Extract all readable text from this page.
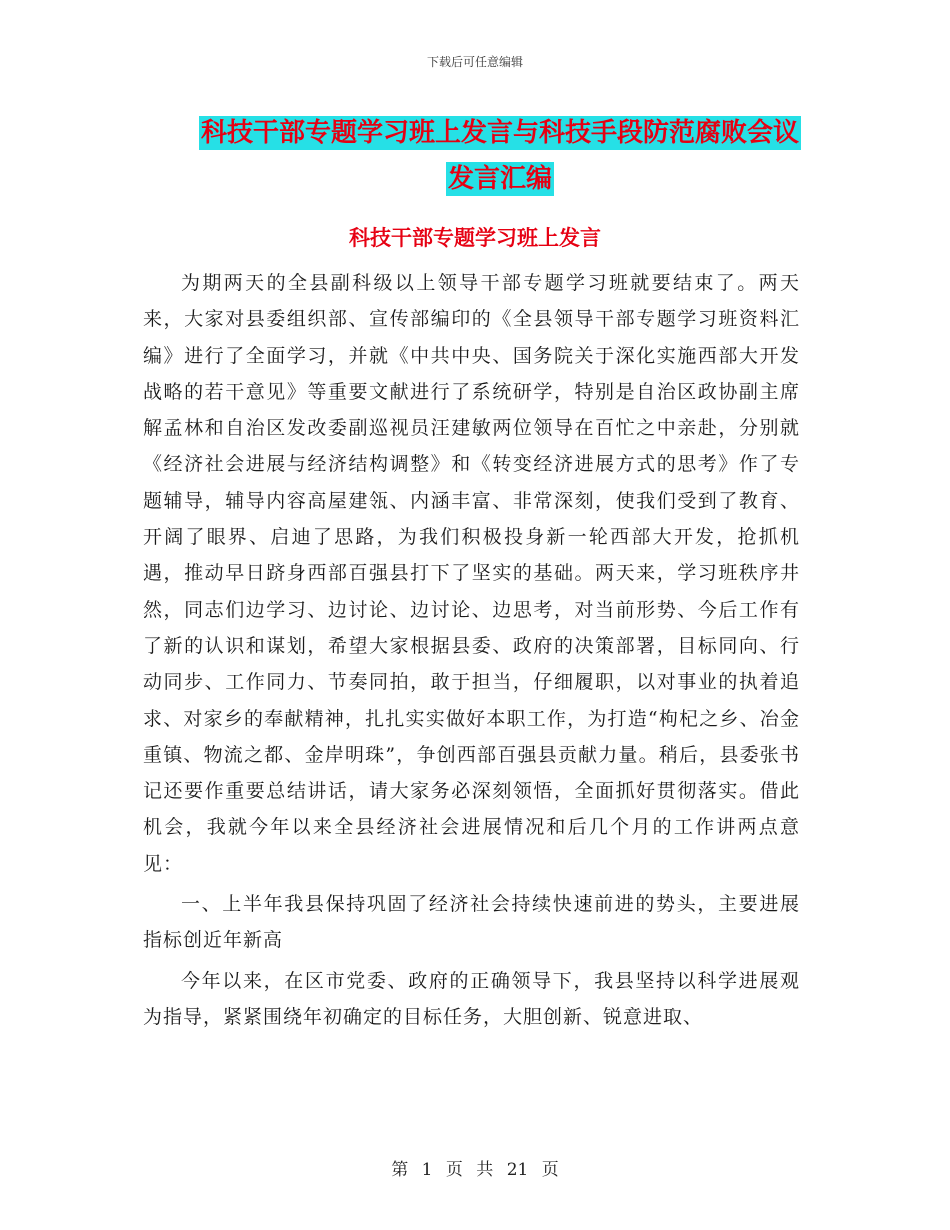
下载后可任意编辑
科技干部专题学习班上发言与科技手段防范腐败会议
发言汇编
科技干部专题学习班上发言

为期两天的全县副科级以上领导干部专题学习班就要结束了。两天来，大家对县委组织部、宣传部编印的《全县领导干部专题学习班资料汇编》进行了全面学习，并就《中共中央、国务院关于深化实施西部大开发战略的若干意见》等重要文献进行了系统研学，特别是自治区政协副主席解孟林和自治区发改委副巡视员汪建敏两位领导在百忙之中亲赴，分别就《经济社会进展与经济结构调整》和《转变经济进展方式的思考》作了专题辅导，辅导内容高屋建瓴、内涵丰富、非常深刻，使我们受到了教育、开阔了眼界、启迪了思路，为我们积极投身新一轮西部大开发，抢抓机遇，推动早日跻身西部百强县打下了坚实的基础。两天来，学习班秩序井然，同志们边学习、边讨论、边讨论、边思考，对当前形势、今后工作有了新的认识和谋划，希望大家根据县委、政府的决策部署，目标同向、行动同步、工作同力、节奏同拍，敢于担当，仔细履职，以对事业的执着追求、对家乡的奉献精神，扎扎实实做好本职工作，为打造“枸杞之乡、冶金重镇、物流之都、金岸明珠”，争创西部百强县贡献力量。稍后，县委张书记还要作重要总结讲话，请大家务必深刻领悟，全面抓好贯彻落实。借此机会，我就今年以来全县经济社会进展情况和后几个月的工作讲两点意见：

一、上半年我县保持巩固了经济社会持续快速前进的势头，主要进展指标创近年新高

今年以来，在区市党委、政府的正确领导下，我县坚持以科学进展观为指导，紧紧围绕年初确定的目标任务，大胆创新、锐意进取、

第 1 页 共 21 页
